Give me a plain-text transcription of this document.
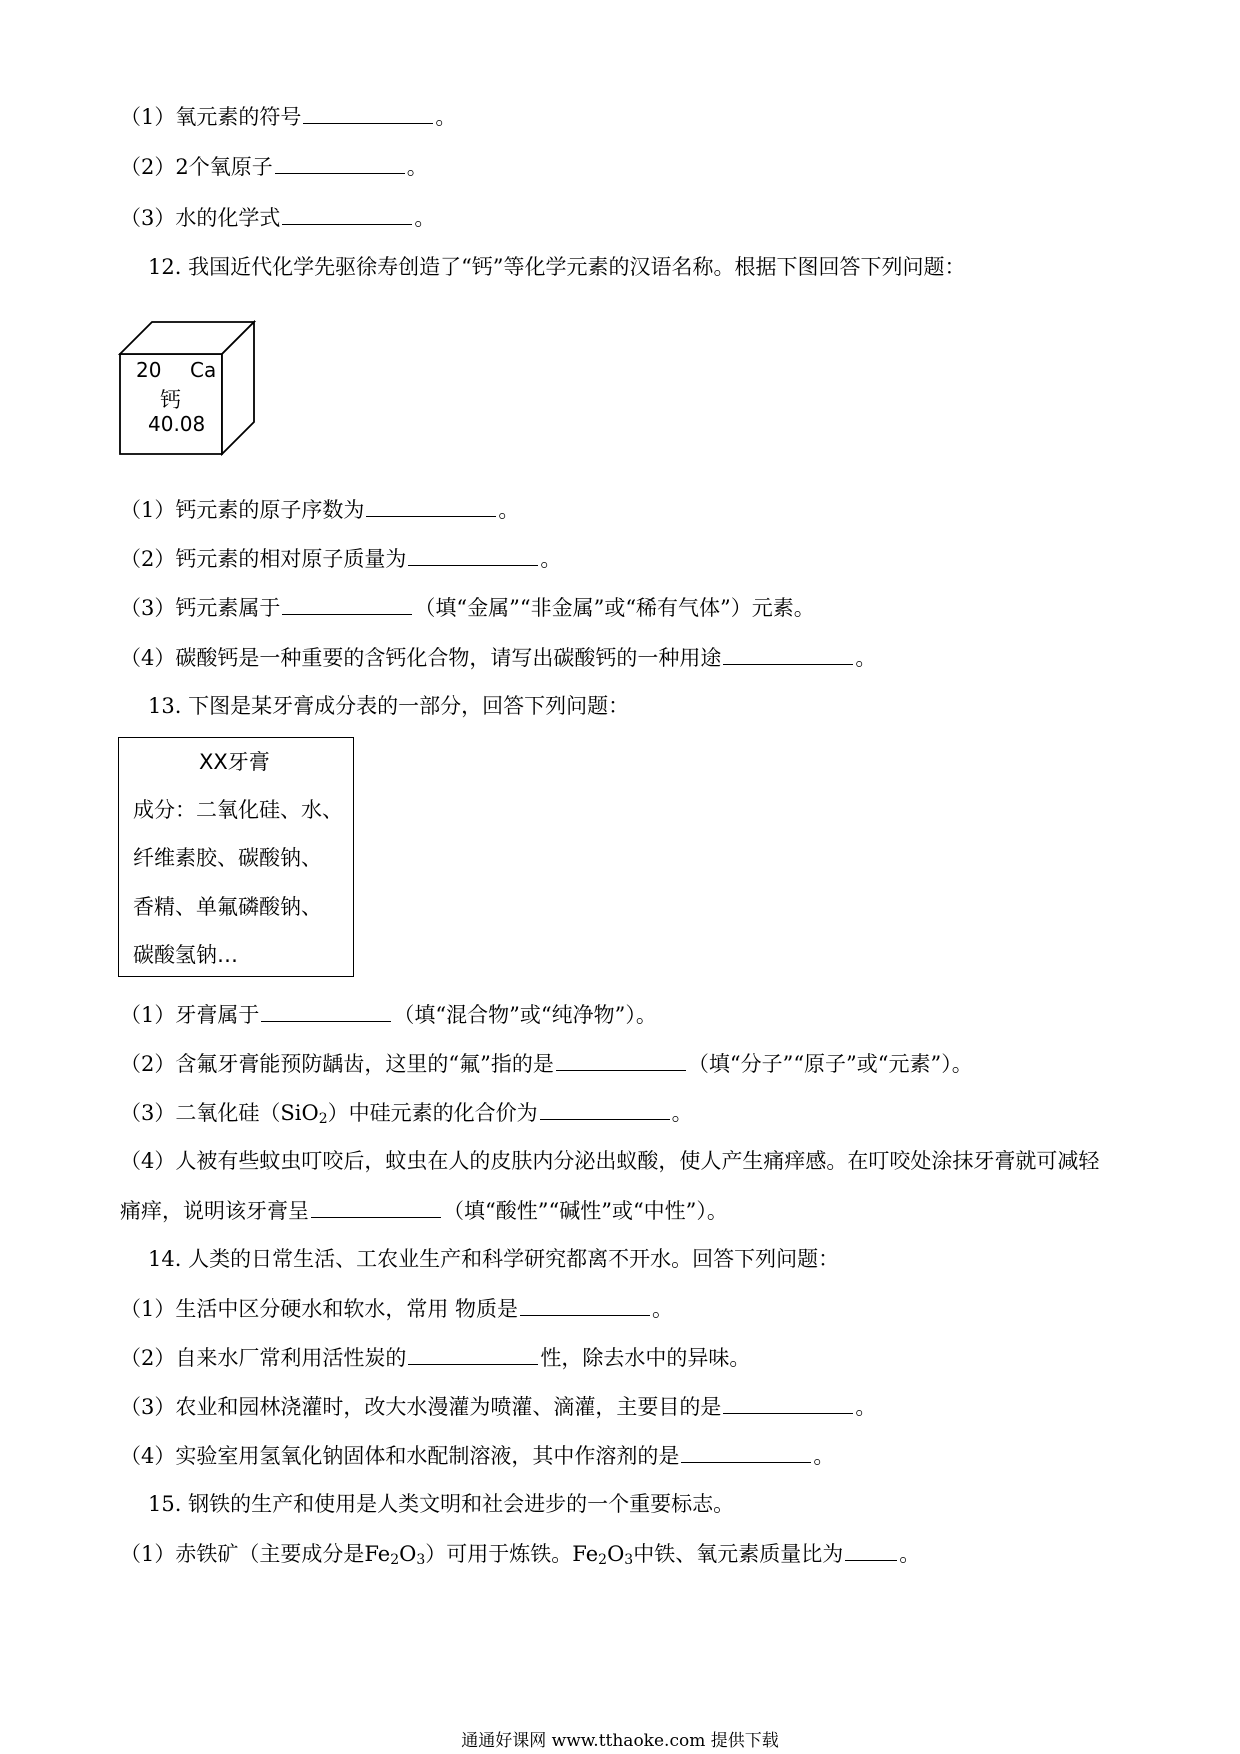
（1）氧元素的符号	。
（2）2个氧原子	。
（3）水的化学式	。
12. 我国近代化学先驱徐寿创造了“钙”等化学元素的汉语名称。根据下图回答下列问题：
20 Ca
钙
40.08
（1）钙元素的原子序数为	。
（2）钙元素的相对原子质量为	。
（3）钙元素属于	（填“金属”“非金属”或“稀有气体”）元素。
（4）碳酸钙是一种重要的含钙化合物，请写出碳酸钙的一种用途	。
13. 下图是某牙膏成分表的一部分，回答下列问题：
XX牙膏
成分：二氧化硅、水、
纤维素胶、碳酸钠、
香精、单氟磷酸钠、
碳酸氢钠…
（1）牙膏属于	（填“混合物”或“纯净物”）。
（2）含氟牙膏能预防龋齿，这里的“氟”指的是	（填“分子”“原子”或“元素”）。
（3）二氧化硅（SiO$_2$）中硅元素的化合价为	。
（4）人被有些蚊虫叮咬后，蚊虫在人的皮肤内分泌出蚁酸，使人产生痛痒感。在叮咬处涂抹牙膏就可减轻
痛痒，说明该牙膏呈	（填“酸性”“碱性”或“中性”）。
14. 人类的日常生活、工农业生产和科学研究都离不开水。回答下列问题：
（1）生活中区分硬水和软水，常用 物质是	。
（2）自来水厂常利用活性炭的	性，除去水中的异味。
（3）农业和园林浇灌时，改大水漫灌为喷灌、滴灌，主要目的是	。
（4）实验室用氢氧化钠固体和水配制溶液，其中作溶剂的是	。
15. 钢铁的生产和使用是人类文明和社会进步的一个重要标志。
（1）赤铁矿（主要成分是$Fe_2O_3$）可用于炼铁。$Fe_2O_3$中铁、氧元素质量比为	。
通通好课网 www.tthaoke.com 提供下载
